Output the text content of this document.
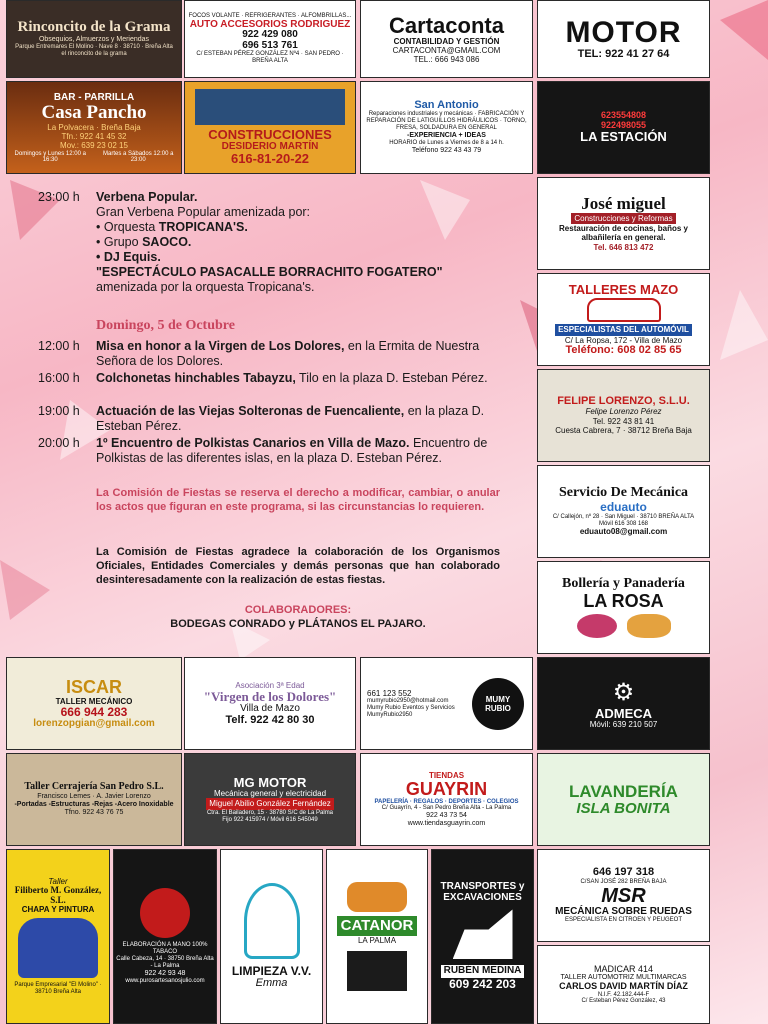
Rinconcito de la Grama
Obsequios, Almuerzos y Meriendas
Parque Entremares El Molino · Nave 8 · 38710 · Breña Alta
el rinconcito de la grama
FOCOS VOLANTE · REFRIGERANTES · ALFOMBRILLAS...
AUTO ACCESORIOS RODRIGUEZ
922 429 080
696 513 761
C/ ESTEBAN PÉREZ GONZÁLEZ Nº4 · SAN PEDRO · BREÑA ALTA
Cartaconta
CONTABILIDAD Y GESTIÓN
CARTACONTA@GMAIL.COM
TEL.: 666 943 086
MOTOR
TEL: 922 41 27 64
BAR - PARRILLA
Casa Pancho
La Polvacera · Breña Baja
Tfn.: 922 41 45 32
Mov.: 639 23 02 15
Domingos y Lunes 12:00 a 16:30
Martes a Sábados 12:00 a 23:00
CONSTRUCCIONES
DESIDERIO MARTÍN
616-81-20-22
San Antonio
Reparaciones industriales y mecánicas · FABRICACIÓN Y REPARACIÓN DE LATIGUILLOS HIDRÁULICOS · TORNO, FRESA, SOLDADURA EN GENERAL
-EXPERIENCIA + IDEAS
HORARIO de Lunes a Viernes de 8 a 14 h.
Teléfono 922 43 43 79
623554808
922498055
LA ESTACIÓN
José miguel
Construcciones y Reformas
Restauración de cocinas, baños y albañilería en general.
Tel. 646 813 472
TALLERES MAZO
ESPECIALISTAS DEL AUTOMÓVIL
C/ La Ropsa, 172 - Villa de Mazo
Teléfono: 608 02 85 65
FELIPE LORENZO, S.L.U.
Felipe Lorenzo Pérez
Tel. 922 43 81 41
Cuesta Cabrera, 7 · 38712 Breña Baja
Servicio De Mecánica
eduauto
C/ Callejón, nº 28 · San Miguel · 38710 BREÑA ALTA
Móvil 616 308 168
eduauto08@gmail.com
Bollería y Panadería
LA ROSA
23:00 h	Verbena Popular.
Gran Verbena Popular amenizada por:
• Orquesta TROPICANA'S.
• Grupo SAOCO.
• DJ Equis.
"ESPECTÁCULO PASACALLE BORRACHITO FOGATERO"
amenizada por la orquesta Tropicana's.
Domingo, 5 de Octubre
12:00 h	Misa en honor a la Virgen de Los Dolores, en la Ermita de Nuestra Señora de los Dolores.
16:00 h	Colchonetas hinchables Tabayzu, Tilo en la plaza D. Esteban Pérez.
19:00 h	Actuación de las Viejas Solteronas de Fuencaliente, en la plaza D. Esteban Pérez.
20:00 h	1º Encuentro de Polkistas Canarios en Villa de Mazo. Encuentro de Polkistas de las diferentes islas, en la plaza D. Esteban Pérez.
La Comisión de Fiestas se reserva el derecho a modificar, cambiar, o anular los actos que figuran en este programa, si las circunstancias lo requieren.
La Comisión de Fiestas agradece la colaboración de los Organismos Oficiales, Entidades Comerciales y demás personas que han colaborado desinteresadamente con la realización de estas fiestas.
COLABORADORES:
BODEGAS CONRADO y PLÁTANOS EL PAJARO.
ISCAR
TALLER MECÁNICO
666 944 283
lorenzopgian@gmail.com
Asociación 3ª Edad
"Virgen de los Dolores"
Villa de Mazo
Telf. 922 42 80 30
661 123 552
mumyrubio2950@hotmail.com
Mumy Rubio Eventos y Servicios
MumyRubio2950
MUMY RUBIO
⚙
ADMECA
Móvil: 639 210 507
Taller Cerrajería San Pedro S.L.
Francisco Lemes · A. Javier Lorenzo
-Portadas -Estructuras -Rejas -Acero Inoxidable
Tfno. 922 43 76 75
MG MOTOR
Mecánica general y electricidad
Miguel Abilio González Fernández
Ctra. El Bailadero, 15 · 38780 S/C de La Palma
Fijo 922 415974 / Móvil 616 545049
TIENDAS
GUAYRIN
PAPELERÍA · REGALOS · DEPORTES · COLEGIOS
C/ Guayrín, 4 - San Pedro Breña Alta - La Palma
922 43 73 54
www.tiendasguayrin.com
LAVANDERÍA
ISLA BONITA
Taller
Filiberto M. González, S.L.
CHAPA Y PINTURA
Parque Empresarial "El Molino" · 38710 Breña Alta
ELABORACIÓN A MANO 100% TABACO
Calle Cabeza, 14 · 38750 Breña Alta - La Palma
922 42 93 48
www.purosartesanosjulio.com
LIMPIEZA V.V.
Emma
CATANOR
LA PALMA
TRANSPORTES y EXCAVACIONES
RUBÉN MEDINA
609 242 203
646 197 318
C/SAN JOSÉ 282 BREÑA BAJA
MSR
MECÁNICA SOBRE RUEDAS
ESPECIALISTA EN CITROEN Y PEUGEOT
MADICAR 414
TALLER AUTOMOTRIZ MULTIMARCAS
CARLOS DAVID MARTÍN DÍAZ
N.I.F. 42.182.444-F
C/ Esteban Pérez González, 43
